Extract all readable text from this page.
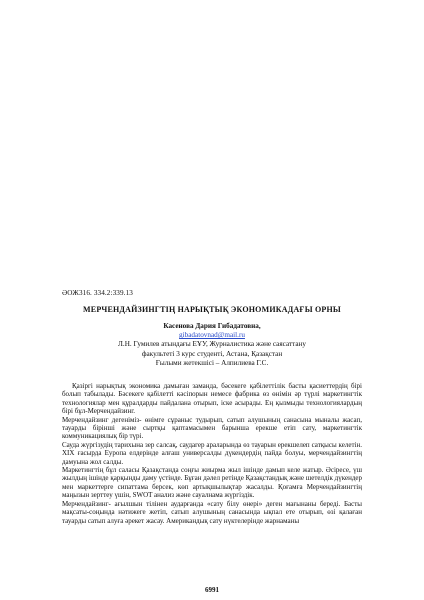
ӘОЖ316. 334.2:339.13
МЕРЧЕНДАЙЗИНГТІҢ НАРЫҚТЫҚ ЭКОНОМИКАДАҒЫ ОРНЫ
Касенова Дария Гибадатовна,
gibadatovnad@mail.ru
Л.Н. Гумилев атындағы ЕҰУ, Журналистика және саясаттану
факультеті 3 курс студенті, Астана, Қазақстан
Ғылыми жетекшісі – Алпилиева Г.С.

Қазіргі нарықтық экономика дамыған заманда, бәсекеге қабілеттілік басты қасиеттердің бірі болып табылады. Бәсекеге қабілетті кәсіпорын немесе фабрика өз өнімін әр түрлі маркетингтік технологиялар мен құралдарды пайдалана отырып, іске асырады. Ең қызмыды технологиялардың бірі бұл-Мерчендайзинг.

Мерчендайзинг дегеніміз- өнімге сұраныс тудырып, сатып алушының санасына мыналы жасап, тауарды бірінші және сыртқы қаптамасымен барынша ерекше етіп сату, маркетингтік коммуникациялық бір түрі.

Сауда жүргізудің тарихына зер салсақ, саудагер араларында өз тауарын ерекшелеп сатқысы келетін. XIX ғасырда Еуропа елдерінде алғаш универсалды дүкендердің пайда болуы, мерчендайзингтің дамуына жол салды.

Маркетингтің бұл саласы Қазақстанда соңғы жиырма жыл ішінде дамып келе жатыр. Әсіресе, үш жылдың ішінде қарқынды даму үстінде. Бұған дәлел ретінде Қазақстандық және шетелдік дүкендер мен маркеттерге сипаттама берсек, көп артықшылықтар жасалды. Қоғамға Мерчендайзингтің маңызын зерттеу үшін, SWOT анализ және сауалнама жүргіздік.

Мерчендайзинг- ағылшын тілінен аударғанда «сату білу өнері» деген мағынаны береді. Басты мақсаты-соңында нәтижеге жетіп, сатып алушының санасында ықпал ете отырып, өзі қалаған тауарды сатып алуға әрекет жасау. Американдық сату нүктелерінде жарнаманы

6991
